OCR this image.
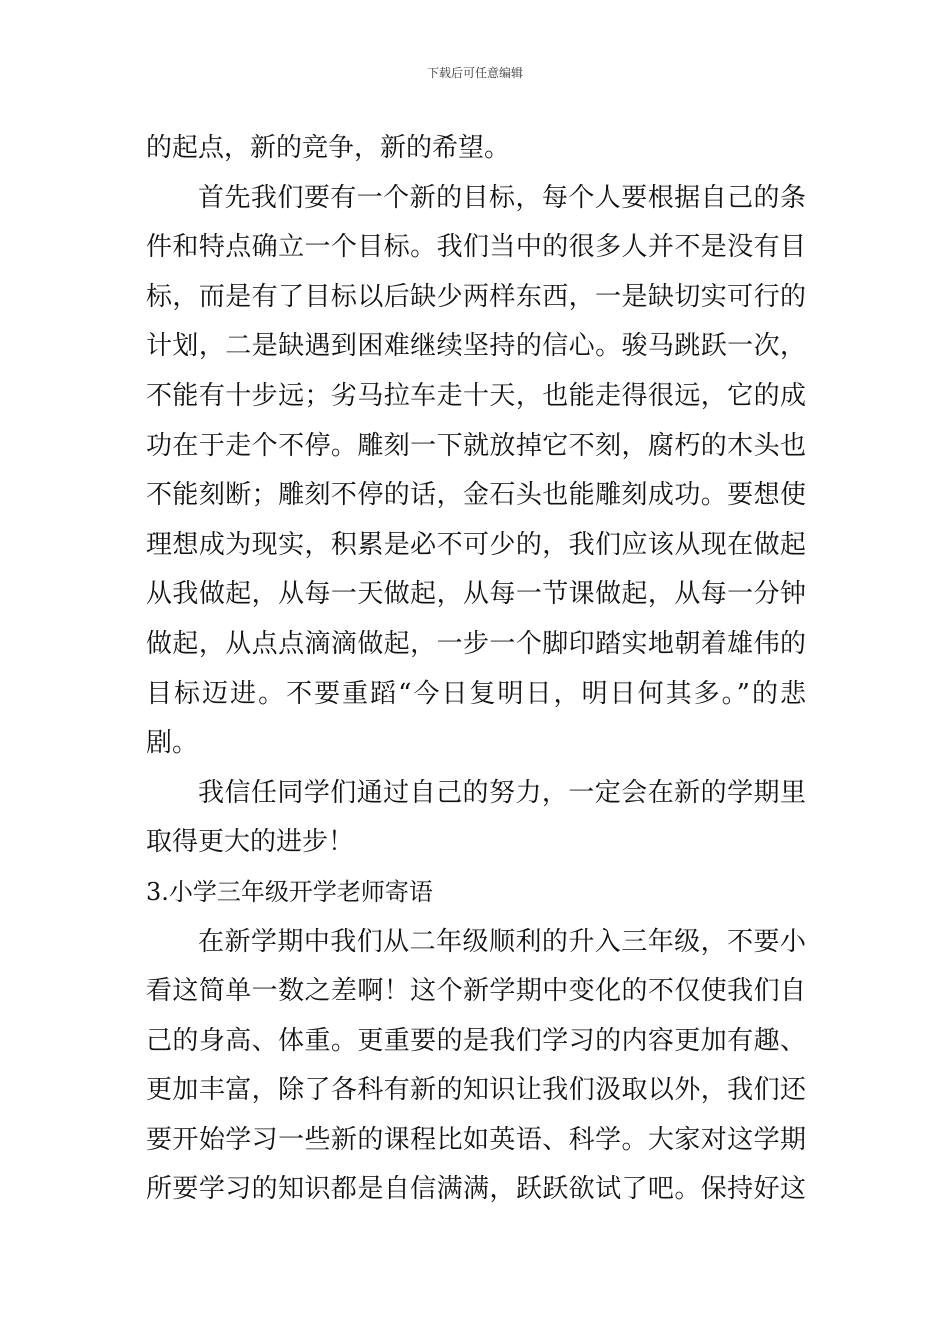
下载后可任意编辑
的起点，新的竞争，新的希望。
首先我们要有一个新的目标，每个人要根据自己的条
件和特点确立一个目标。我们当中的很多人并不是没有目
标，而是有了目标以后缺少两样东西，一是缺切实可行的
计划，二是缺遇到困难继续坚持的信心。骏马跳跃一次，
不能有十步远；劣马拉车走十天，也能走得很远，它的成
功在于走个不停。雕刻一下就放掉它不刻，腐朽的木头也
不能刻断；雕刻不停的话，金石头也能雕刻成功。要想使
理想成为现实，积累是必不可少的，我们应该从现在做起
从我做起，从每一天做起，从每一节课做起，从每一分钟
做起，从点点滴滴做起，一步一个脚印踏实地朝着雄伟的
目标迈进。不要重蹈“今日复明日，明日何其多。”的悲
剧。
我信任同学们通过自己的努力，一定会在新的学期里
取得更大的进步！
3.小学三年级开学老师寄语
在新学期中我们从二年级顺利的升入三年级，不要小
看这简单一数之差啊！这个新学期中变化的不仅使我们自
己的身高、体重。更重要的是我们学习的内容更加有趣、
更加丰富，除了各科有新的知识让我们汲取以外，我们还
要开始学习一些新的课程比如英语、科学。大家对这学期
所要学习的知识都是自信满满，跃跃欲试了吧。保持好这
